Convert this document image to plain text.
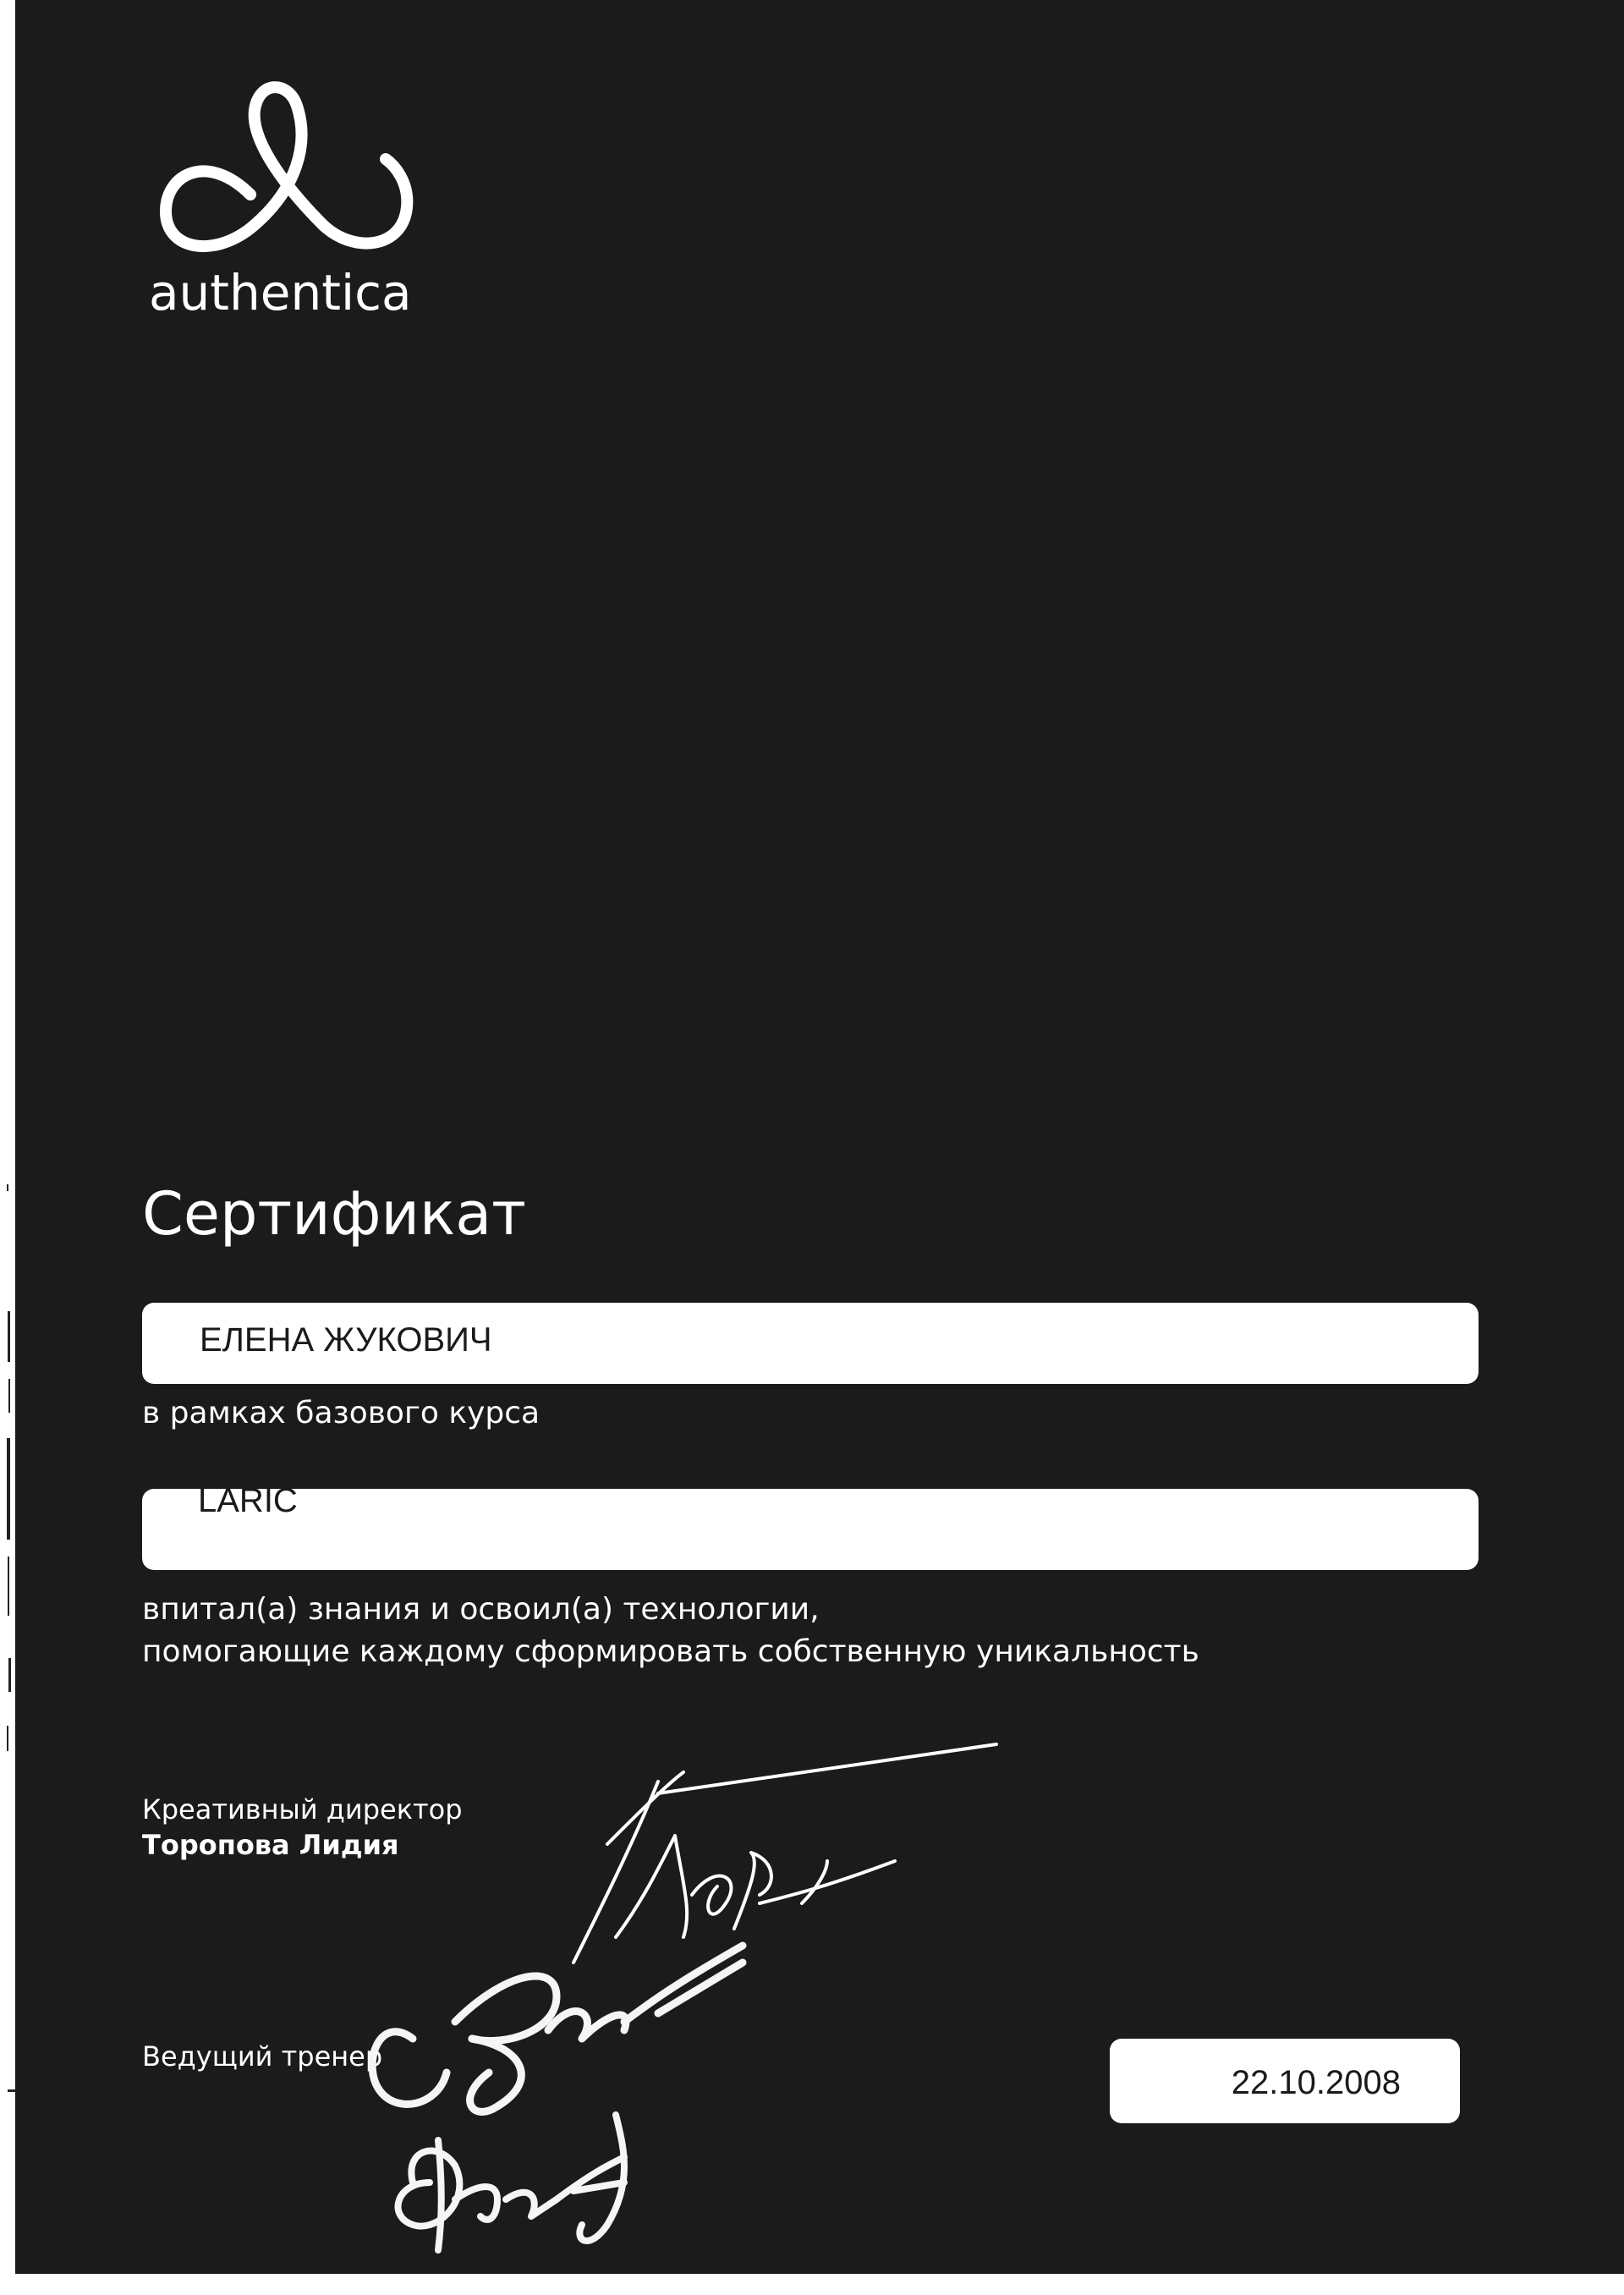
authentica
Сертификат
ЕЛЕНА ЖУКОВИЧ
в рамках базового курса
LARIC
впитал(а) знания и освоил(а) технологии,
помогающие каждому сформировать собственную уникальность
Креативный директор
Торопова Лидия
Ведущий тренер
22.10.2008
